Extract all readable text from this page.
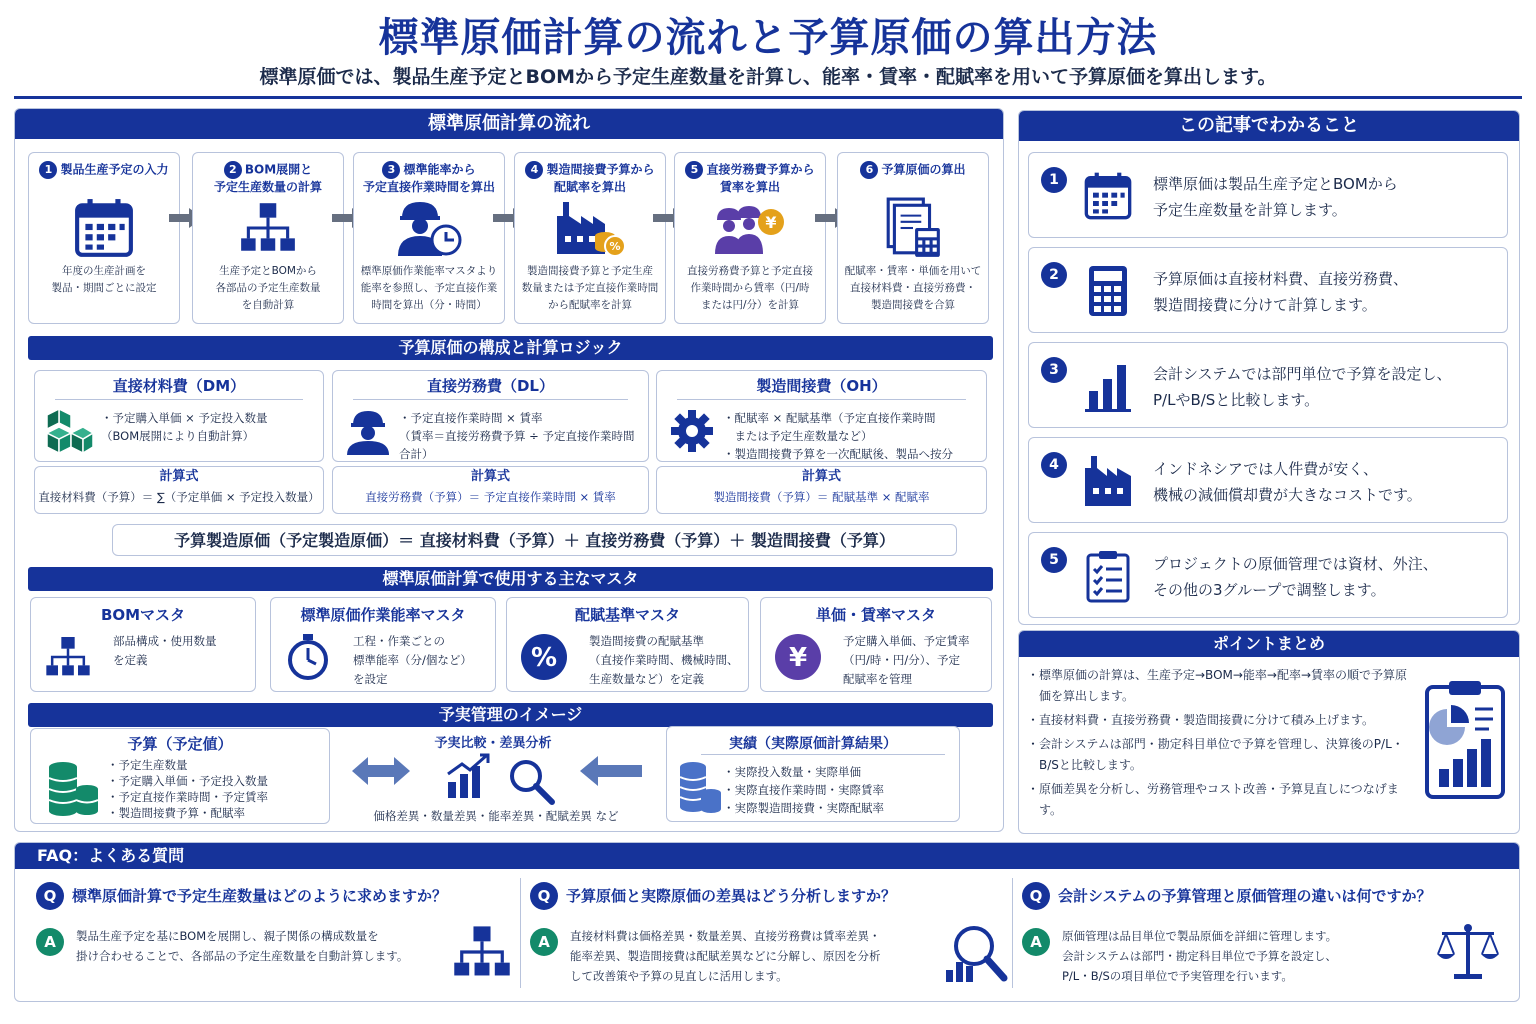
標準原価計算の流れと予算原価の算出方法
標準原価では、製品生産予定とBOMから予定生産数量を計算し、能率・賃率・配賦率を用いて予算原価を算出します。
標準原価計算の流れ
1 製品生産予定の入力
年度の生産計画を
製品・期間ごとに設定
2 BOM展開と
予定生産数量の計算
生産予定とBOMから
各部品の予定生産数量
を自動計算
3 標準能率から
予定直接作業時間を算出
標準原価作業能率マスタより
能率を参照し、予定直接作業
時間を算出（分・時間）
4 製造間接費予算から
配賦率を算出
%
製造間接費予算と予定生産
数量または予定直接作業時間
から配賦率を計算
5 直接労務費予算から
賃率を算出
¥
直接労務費予算と予定直接
作業時間から賃率（円/時
または円/分）を計算
6 予算原価の算出
配賦率・賃率・単価を用いて
直接材料費・直接労務費・
製造間接費を合算
予算原価の構成と計算ロジック
直接材料費（DM）
・予定購入単価 × 予定投入数量
（BOM展開により自動計算）
計算式
直接材料費（予算）＝ ∑（予定単価 × 予定投入数量）
直接労務費（DL）
・予定直接作業時間 × 賃率
（賃率＝直接労務費予算 ÷ 予定直接作業時間合計）
計算式
直接労務費（予算）＝ 予定直接作業時間 × 賃率
製造間接費（OH）
・配賦率 × 配賦基準（予定直接作業時間
　または予定生産数量など）
・製造間接費予算を一次配賦後、製品へ按分
計算式
製造間接費（予算）＝ 配賦基準 × 配賦率
予算製造原価（予定製造原価）＝ 直接材料費（予算）＋ 直接労務費（予算）＋ 製造間接費（予算）
標準原価計算で使用する主なマスタ
BOMマスタ
部品構成・使用数量
を定義
標準原価作業能率マスタ
工程・作業ごとの
標準能率（分/個など）
を設定
配賦基準マスタ
%
製造間接費の配賦基準
（直接作業時間、機械時間、
生産数量など）を定義
単価・賃率マスタ
¥
予定購入単価、予定賃率
（円/時・円/分）、予定
配賦率を管理
予実管理のイメージ
予算（予定値）
・予定生産数量
・予定購入単価・予定投入数量
・予定直接作業時間・予定賃率
・製造間接費予算・配賦率
予実比較・差異分析
価格差異・数量差異・能率差異・配賦差異 など
実績（実際原価計算結果）
・実際投入数量・実際単価
・実際直接作業時間・実際賃率
・実際製造間接費・実際配賦率
この記事でわかること
1	標準原価は製品生産予定とBOMから
予定生産数量を計算します。
2	予算原価は直接材料費、直接労務費、
製造間接費に分けて計算します。
3	会計システムでは部門単位で予算を設定し、
P/LやB/Sと比較します。
4	インドネシアでは人件費が安く、
機械の減価償却費が大きなコストです。
5	プロジェクトの原価管理では資材、外注、
その他の3グループで調整します。
ポイントまとめ
・標準原価の計算は、生産予定→BOM→能率→配率→賃率の順で予算原価を算出します。
・直接材料費・直接労務費・製造間接費に分けて積み上げます。
・会計システムは部門・勘定科目単位で予算を管理し、決算後のP/L・B/Sと比較します。
・原価差異を分析し、労務管理やコスト改善・予算見直しにつなげます。
FAQ：よくある質問
Q 標準原価計算で予定生産数量はどのように求めますか？
A	製品生産予定を基にBOMを展開し、親子関係の構成数量を
掛け合わせることで、各部品の予定生産数量を自動計算します。
Q 予算原価と実際原価の差異はどう分析しますか？
A	直接材料費は価格差異・数量差異、直接労務費は賃率差異・
能率差異、製造間接費は配賦差異などに分解し、原因を分析
して改善策や予算の見直しに活用します。
Q 会計システムの予算管理と原価管理の違いは何ですか？
A	原価管理は品目単位で製品原価を詳細に管理します。
会計システムは部門・勘定科目単位で予算を設定し、
P/L・B/Sの項目単位で予実管理を行います。
